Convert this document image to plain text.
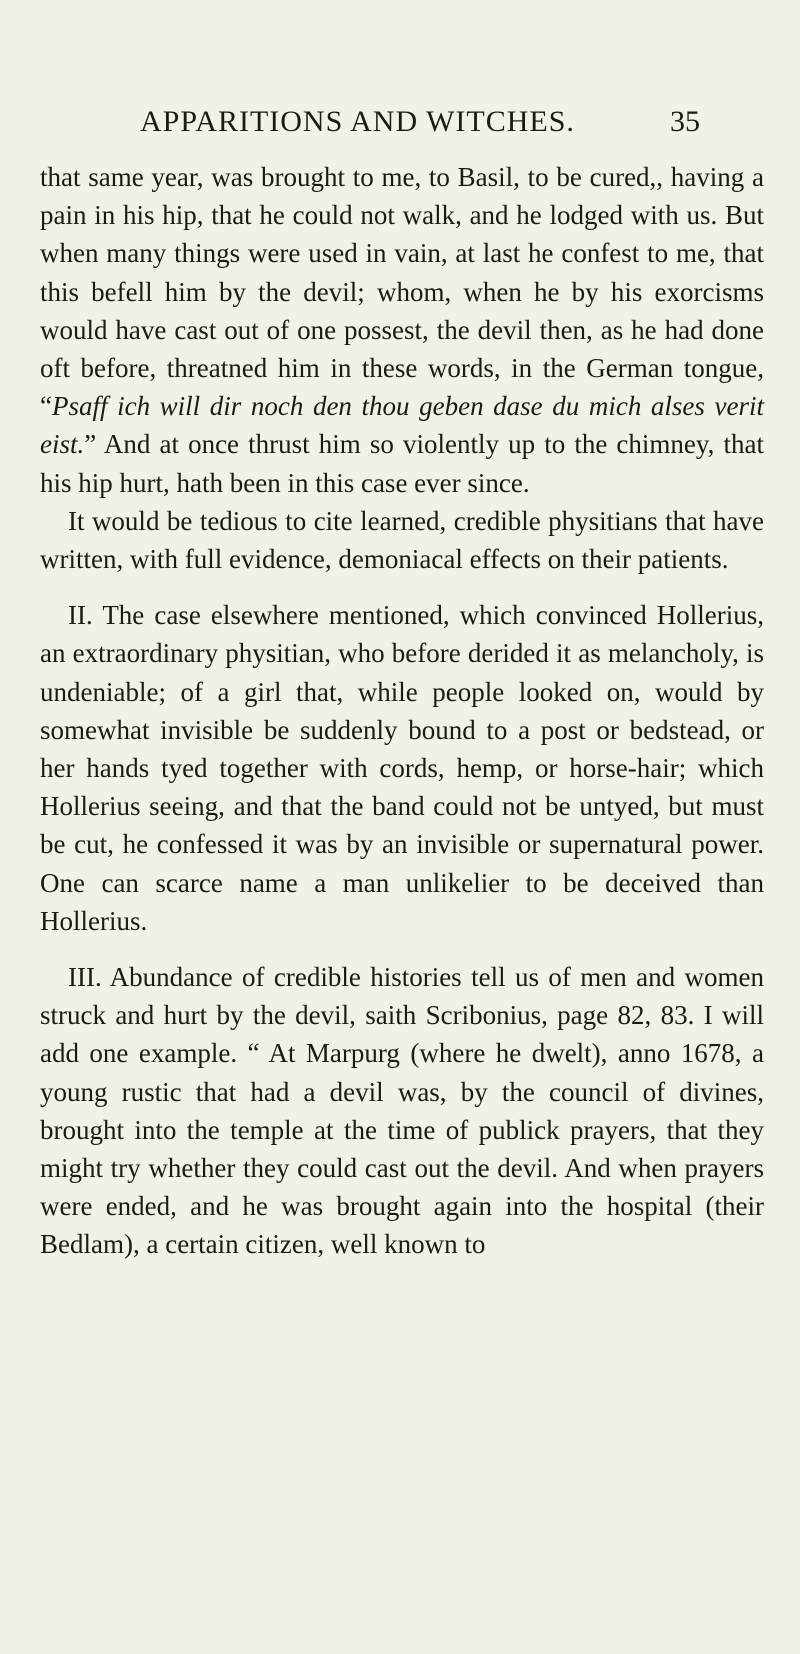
APPARITIONS AND WITCHES.	35

that same year, was brought to me, to Basil, to be cured,, having a pain in his hip, that he could not walk, and he lodged with us. But when many things were used in vain, at last he confest to me, that this befell him by the devil; whom, when he by his exorcisms would have cast out of one possest, the devil then, as he had done oft before, threatned him in these words, in the German tongue, “Psaff ich will dir noch den thou geben dase du mich alses verit eist.” And at once thrust him so violently up to the chimney, that his hip hurt, hath been in this case ever since.

It would be tedious to cite learned, credible physitians that have written, with full evidence, demoniacal effects on their patients.

II. The case elsewhere mentioned, which convinced Hollerius, an extraordinary physitian, who before derided it as melancholy, is undeniable; of a girl that, while people looked on, would by somewhat invisible be suddenly bound to a post or bedstead, or her hands tyed together with cords, hemp, or horse-hair; which Hollerius seeing, and that the band could not be untyed, but must be cut, he confessed it was by an invisible or supernatural power. One can scarce name a man unlikelier to be deceived than Hollerius.

III. Abundance of credible histories tell us of men and women struck and hurt by the devil, saith Scribonius, page 82, 83. I will add one example. “ At Marpurg (where he dwelt), anno 1678, a young rustic that had a devil was, by the council of divines, brought into the temple at the time of publick prayers, that they might try whether they could cast out the devil. And when prayers were ended, and he was brought again into the hospital (their Bedlam), a certain citizen, well known to
